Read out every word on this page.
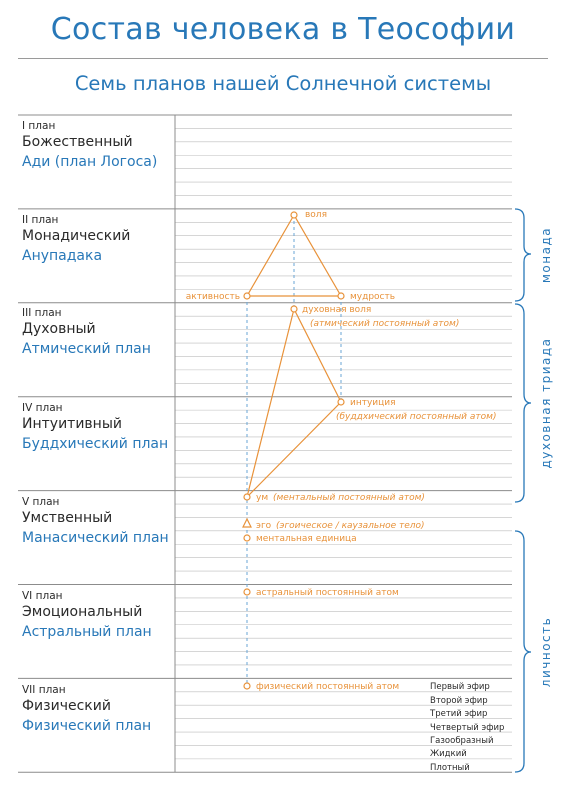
Состав человека в Теософии
Семь планов нашей Солнечной системы
I план
Божественный
Ади (план Логоса)
II план
Монадический
Анупадака
III план
Духовный
Атмический план
IV план
Интуитивный
Буддхический план
V план
Умственный
Манасический план
VI план
Эмоциональный
Астральный план
VII план
Физический
Физический план
воля
активность	мудрость
духовная воля
(атмический постоянный атом)
интуиция
(буддхический постоянный атом)
ум (ментальный постоянный атом)
эго (эгоическое / каузальное тело)
ментальная единица
астральный постоянный атом
физический постоянный атом	Первый эфир
Второй эфир
Третий эфир
Четвертый эфир
Газообразный
Жидкий
Плотный
монада
духовная триада
личность
